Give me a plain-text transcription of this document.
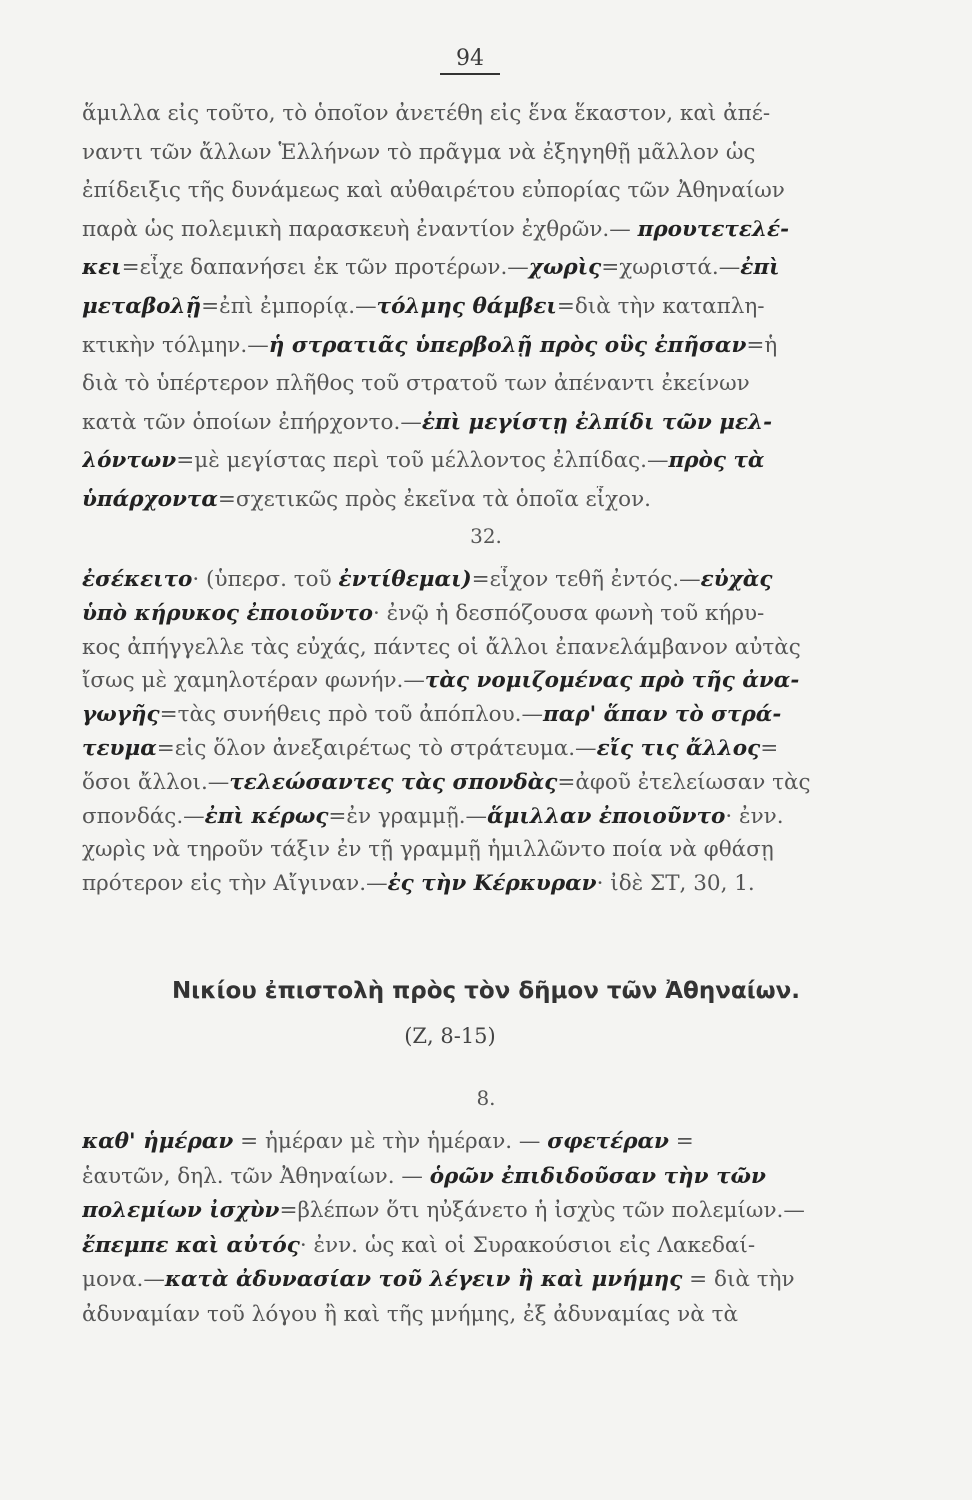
94
ἅμιλλα εἰς τοῦτο, τὸ ὁποῖον ἀνετέθη εἰς ἕνα ἕκαστον, καὶ ἀπέ-
ναντι τῶν ἄλλων Ἑλλήνων τὸ πρᾶγμα νὰ ἐξηγηθῇ μᾶλλον ὡς
ἐπίδειξις τῆς δυνάμεως καὶ αὐθαιρέτου εὐπορίας τῶν Ἀθηναίων
παρὰ ὡς πολεμικὴ παρασκευὴ ἐναντίον ἐχθρῶν.— προυτετελέ-
κει=εἶχε δαπανήσει ἐκ τῶν προτέρων.—χωρὶς=χωριστά.—ἐπὶ
μεταβολῇ=ἐπὶ ἐμπορίᾳ.—τόλμης θάμβει=διὰ τὴν καταπλη-
κτικὴν τόλμην.—ἡ στρατιᾶς ὑπερβολῇ πρὸς οὓς ἐπῆσαν=ἡ
διὰ τὸ ὑπέρτερον πλῆθος τοῦ στρατοῦ των ἀπέναντι ἐκείνων
κατὰ τῶν ὁποίων ἐπήρχοντο.—ἐπὶ μεγίστῃ ἐλπίδι τῶν μελ-
λόντων=μὲ μεγίστας περὶ τοῦ μέλλοντος ἐλπίδας.—πρὸς τὰ
ὑπάρχοντα=σχετικῶς πρὸς ἐκεῖνα τὰ ὁποῖα εἶχον.
32.
ἐσέκειτο· (ὑπερσ. τοῦ ἐντίθεμαι)=εἶχον τεθῆ ἐντός.—εὐχὰς
ὑπὸ κήρυκος ἐποιοῦντο· ἐνῷ ἡ δεσπόζουσα φωνὴ τοῦ κήρυ-
κος ἀπήγγελλε τὰς εὐχάς, πάντες οἱ ἄλλοι ἐπανελάμβανον αὐτὰς
ἴσως μὲ χαμηλοτέραν φωνήν.—τὰς νομιζομένας πρὸ τῆς ἀνα-
γωγῆς=τὰς συνήθεις πρὸ τοῦ ἀπόπλου.—παρ' ἅπαν τὸ στρά-
τευμα=εἰς ὅλον ἀνεξαιρέτως τὸ στράτευμα.—εἴς τις ἄλλος=
ὅσοι ἄλλοι.—τελεώσαντες τὰς σπονδὰς=ἀφοῦ ἐτελείωσαν τὰς
σπονδάς.—ἐπὶ κέρως=ἐν γραμμῇ.—ἅμιλλαν ἐποιοῦντο· ἐνν.
χωρὶς νὰ τηροῦν τάξιν ἐν τῇ γραμμῇ ἡμιλλῶντο ποία νὰ φθάσῃ
πρότερον εἰς τὴν Αἴγιναν.—ἐς τὴν Κέρκυραν· ἰδὲ ΣΤ, 30, 1.
Νικίου ἐπιστολὴ πρὸς τὸν δῆμον τῶν Ἀθηναίων.
(Ζ, 8-15)
8.
καθ' ἡμέραν = ἡμέραν μὲ τὴν ἡμέραν. — σφετέραν =
ἑαυτῶν, δηλ. τῶν Ἀθηναίων. — ὁρῶν ἐπιδιδοῦσαν τὴν τῶν
πολεμίων ἰσχὺν=βλέπων ὅτι ηὐξάνετο ἡ ἰσχὺς τῶν πολεμίων.—
ἔπεμπε καὶ αὐτός· ἐνν. ὡς καὶ οἱ Συρακούσιοι εἰς Λακεδαί-
μονα.—κατὰ ἀδυνασίαν τοῦ λέγειν ἢ καὶ μνήμης = διὰ τὴν
ἀδυναμίαν τοῦ λόγου ἢ καὶ τῆς μνήμης, ἐξ ἀδυναμίας νὰ τὰ
